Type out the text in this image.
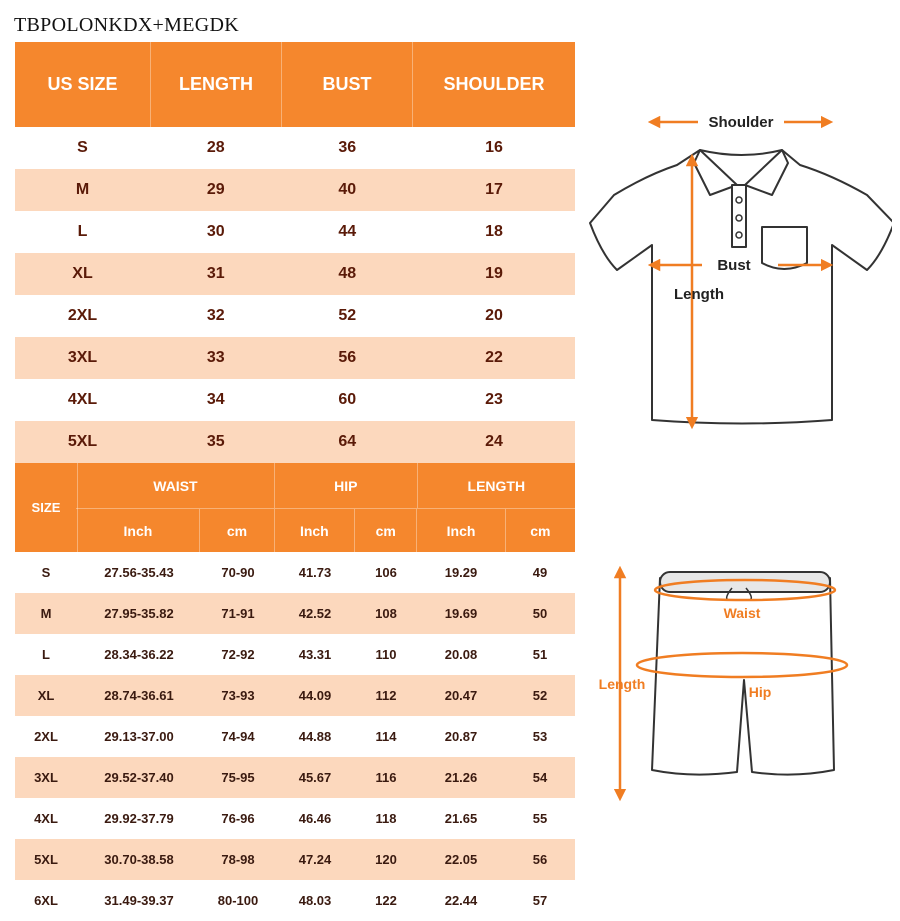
TBPOLONKDX+MEGDK
US SIZE	LENGTH	BUST	SHOULDER
S	28	36	16
M	29	40	17
L	30	44	18
XL	31	48	19
2XL	32	52	20
3XL	33	56	22
4XL	34	60	23
5XL	35	64	24
SIZE
WAIST	HIP	LENGTH
Inch	cm	Inch	cm	Inch	cm
S	27.56-35.43	70-90	41.73	106	19.29	49
M	27.95-35.82	71-91	42.52	108	19.69	50
L	28.34-36.22	72-92	43.31	110	20.08	51
XL	28.74-36.61	73-93	44.09	112	20.47	52
2XL	29.13-37.00	74-94	44.88	114	20.87	53
3XL	29.52-37.40	75-95	45.67	116	21.26	54
4XL	29.92-37.79	76-96	46.46	118	21.65	55
5XL	30.70-38.58	78-98	47.24	120	22.05	56
6XL	31.49-39.37	80-100	48.03	122	22.44	57
Shoulder
Bust
Length
Waist
Hip
Length
